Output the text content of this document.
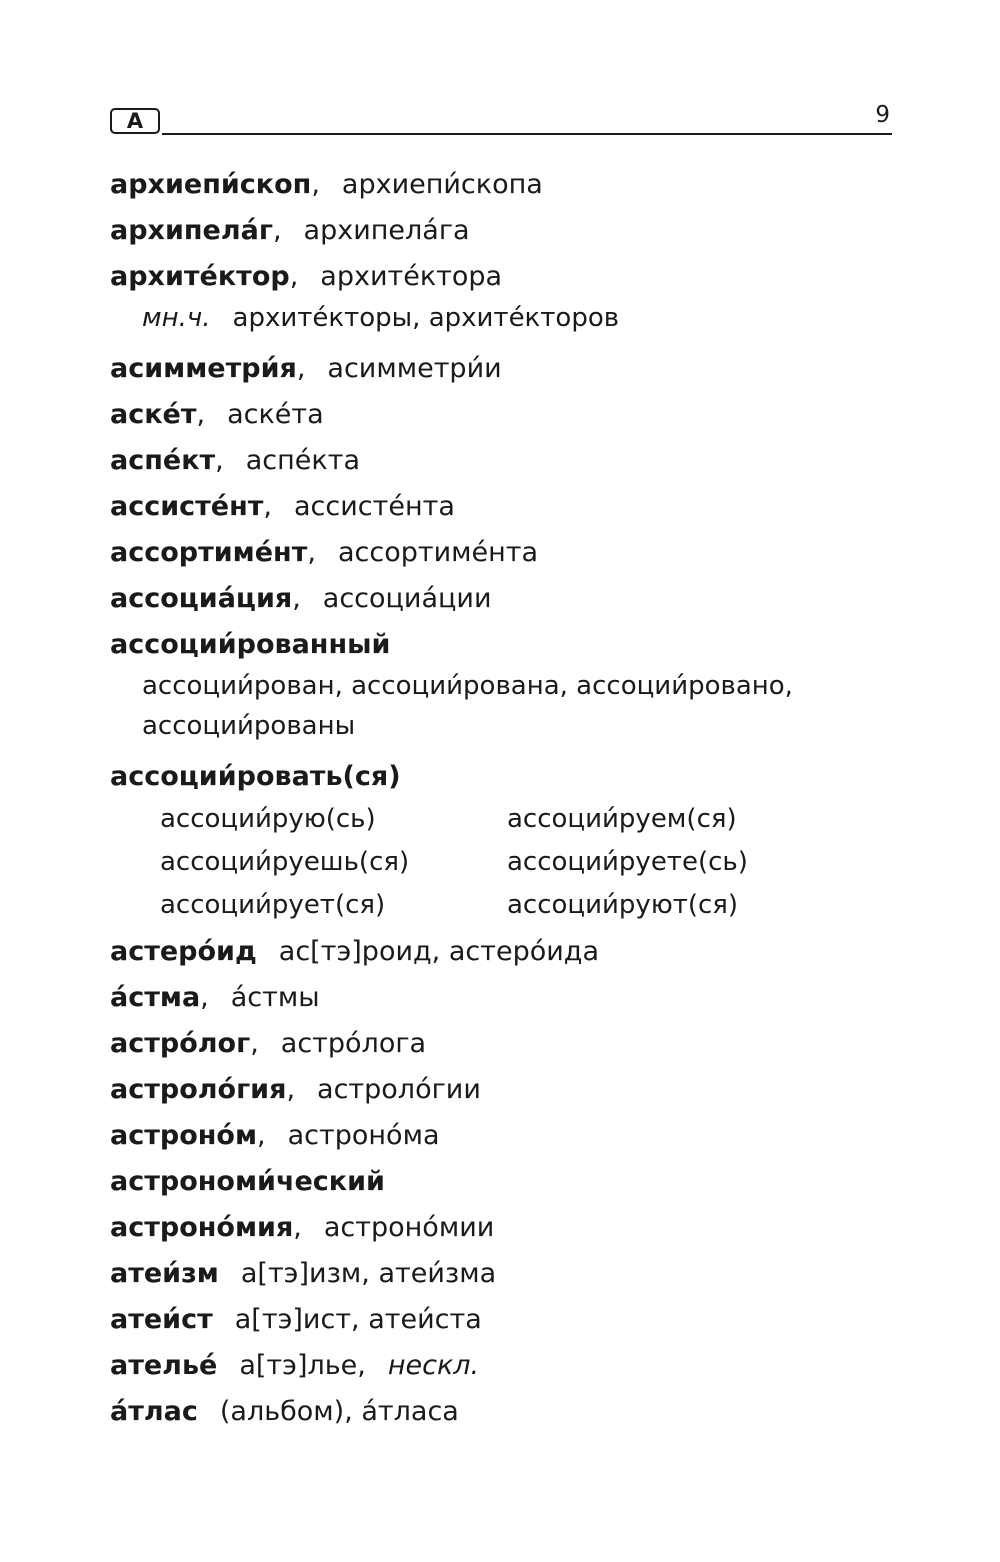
А	9
архиепи́скоп, архиепи́скопа
архипела́г, архипела́га
архите́ктор, архите́ктора
мн.ч. архите́кторы, архите́кторов
асимметри́я, асимметри́и
аске́т, аске́та
аспе́кт, аспе́кта
ассисте́нт, ассисте́нта
ассортиме́нт, ассортиме́нта
ассоциа́ция, ассоциа́ции
ассоции́рованный
ассоции́рован, ассоции́рована, ассоции́ровано, ассоции́рованы
ассоции́ровать(ся)
ассоции́рую(сь)	ассоции́руем(ся)
ассоции́руешь(ся)	ассоции́руете(сь)
ассоции́рует(ся)	ассоции́руют(ся)
астеро́ид ас[тэ]роид, астеро́ида
а́стма, а́стмы
астро́лог, астро́лога
астроло́гия, астроло́гии
астроно́м, астроно́ма
астрономи́ческий
астроно́мия, астроно́мии
атеи́зм а[тэ]изм, атеи́зма
атеи́ст а[тэ]ист, атеи́ста
ателье́ а[тэ]лье, нескл.
а́тлас (альбом), а́тласа
